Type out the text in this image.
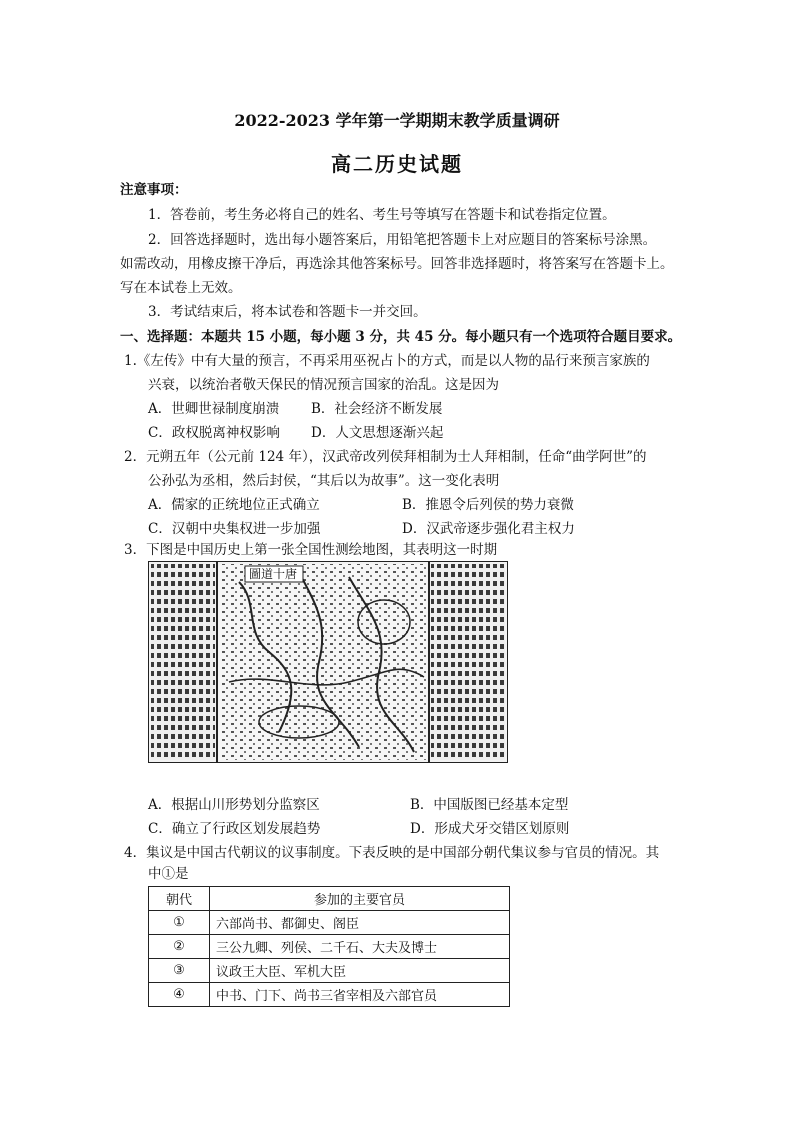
2022-2023 学年第一学期期末教学质量调研
高二历史试题
注意事项：
1．答卷前，考生务必将自己的姓名、考生号等填写在答题卡和试卷指定位置。
2．回答选择题时，选出每小题答案后，用铅笔把答题卡上对应题目的答案标号涂黑。
如需改动，用橡皮擦干净后，再选涂其他答案标号。回答非选择题时，将答案写在答题卡上。
写在本试卷上无效。
3．考试结束后，将本试卷和答题卡一并交回。
一、选择题：本题共 15 小题，每小题 3 分，共 45 分。每小题只有一个选项符合题目要求。
1.《左传》中有大量的预言，不再采用巫祝占卜的方式，而是以人物的品行来预言家族的
兴衰，以统治者敬天保民的情况预言国家的治乱。这是因为
A．世卿世禄制度崩溃 B．社会经济不断发展
C．政权脱离神权影响 D．人文思想逐渐兴起
2．元朔五年（公元前 124 年），汉武帝改列侯拜相制为士人拜相制，任命“曲学阿世”的
公孙弘为丞相，然后封侯，“其后以为故事”。这一变化表明
A．儒家的正统地位正式确立	B．推恩令后列侯的势力衰微
C．汉朝中央集权进一步加强	D．汉武帝逐步强化君主权力
3．下图是中国历史上第一张全国性测绘地图，其表明这一时期
圖道十唐
A．根据山川形势划分监察区	B．中国版图已经基本定型
C．确立了行政区划发展趋势	D．形成犬牙交错区划原则
4．集议是中国古代朝议的议事制度。下表反映的是中国部分朝代集议参与官员的情况。其
中①是
朝代	参加的主要官员
①	六部尚书、都御史、阁臣
②	三公九卿、列侯、二千石、大夫及博士
③	议政王大臣、军机大臣
④	中书、门下、尚书三省宰相及六部官员
